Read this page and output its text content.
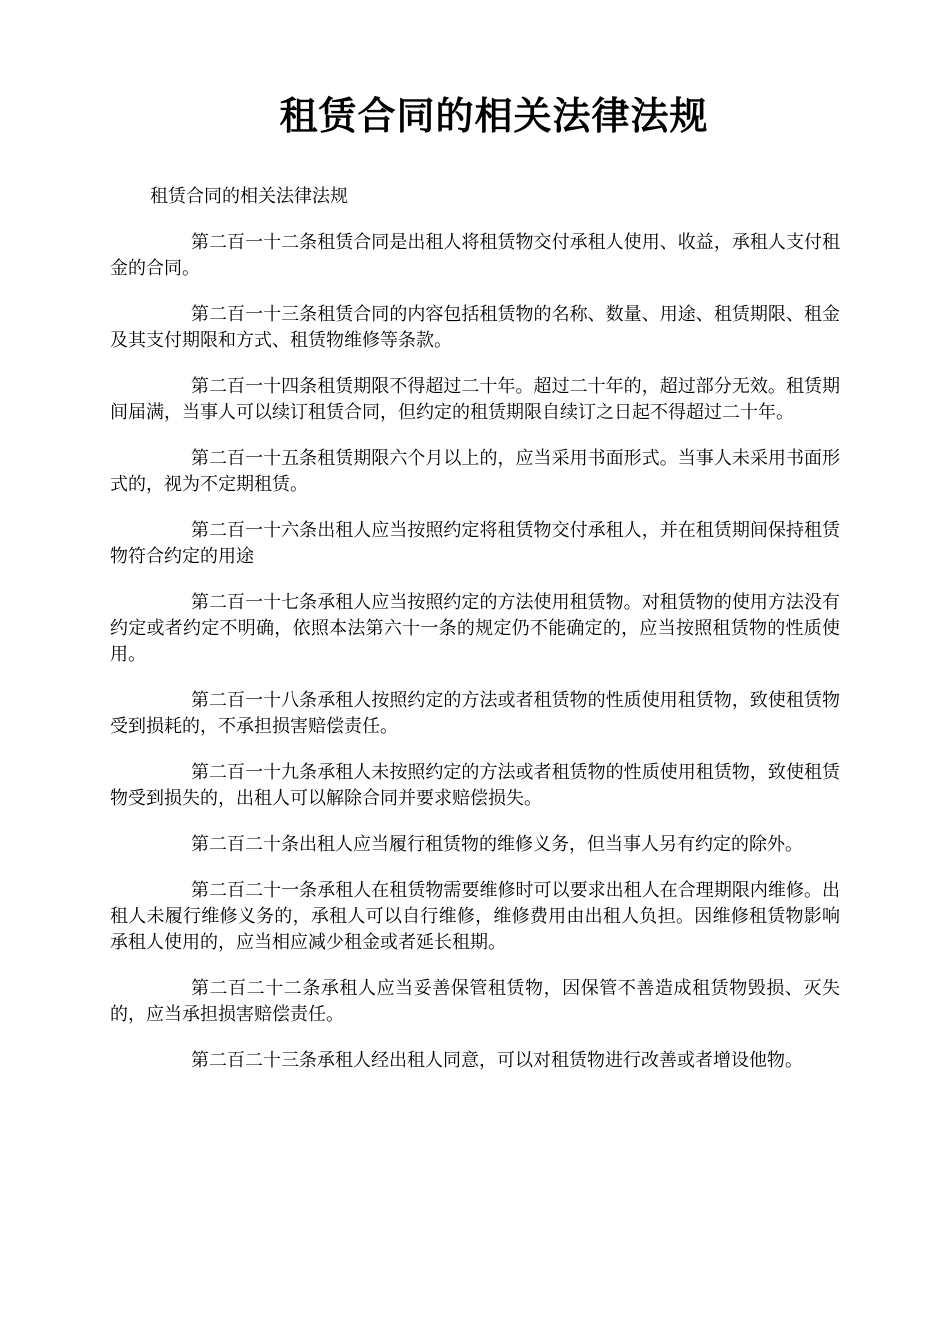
租赁合同的相关法律法规

租赁合同的相关法律法规

第二百一十二条租赁合同是出租人将租赁物交付承租人使用、收益，承租人支付租金的合同。

第二百一十三条租赁合同的内容包括租赁物的名称、数量、用途、租赁期限、租金及其支付期限和方式、租赁物维修等条款。

第二百一十四条租赁期限不得超过二十年。超过二十年的，超过部分无效。租赁期间届满，当事人可以续订租赁合同，但约定的租赁期限自续订之日起不得超过二十年。

第二百一十五条租赁期限六个月以上的，应当采用书面形式。当事人未采用书面形式的，视为不定期租赁。

第二百一十六条出租人应当按照约定将租赁物交付承租人，并在租赁期间保持租赁物符合约定的用途

第二百一十七条承租人应当按照约定的方法使用租赁物。对租赁物的使用方法没有约定或者约定不明确，依照本法第六十一条的规定仍不能确定的，应当按照租赁物的性质使用。

第二百一十八条承租人按照约定的方法或者租赁物的性质使用租赁物，致使租赁物受到损耗的，不承担损害赔偿责任。

第二百一十九条承租人未按照约定的方法或者租赁物的性质使用租赁物，致使租赁物受到损失的，出租人可以解除合同并要求赔偿损失。

第二百二十条出租人应当履行租赁物的维修义务，但当事人另有约定的除外。

第二百二十一条承租人在租赁物需要维修时可以要求出租人在合理期限内维修。出租人未履行维修义务的，承租人可以自行维修，维修费用由出租人负担。因维修租赁物影响承租人使用的，应当相应减少租金或者延长租期。

第二百二十二条承租人应当妥善保管租赁物，因保管不善造成租赁物毁损、灭失的，应当承担损害赔偿责任。

第二百二十三条承租人经出租人同意，可以对租赁物进行改善或者增设他物。
